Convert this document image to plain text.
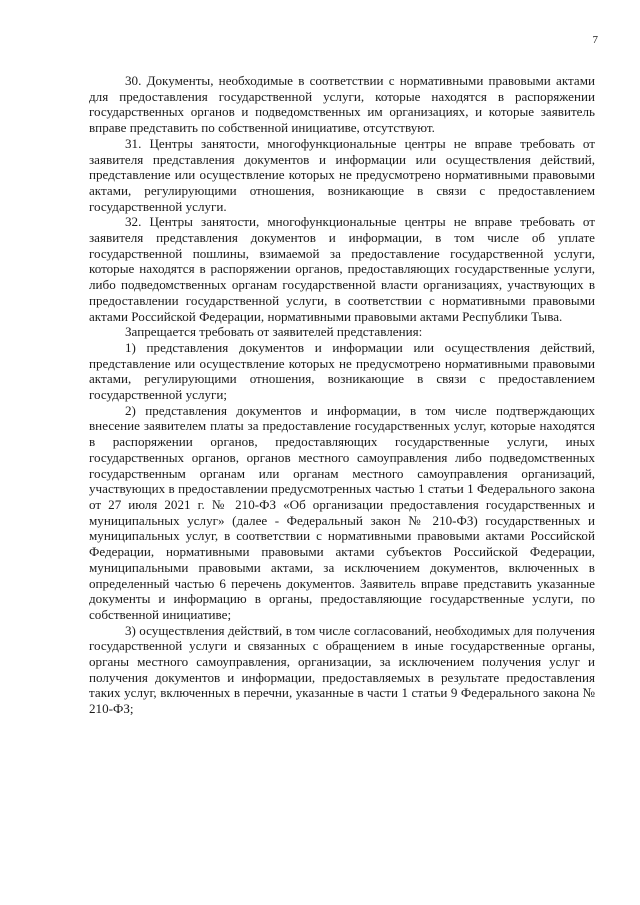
7

30. Документы, необходимые в соответствии с нормативными правовыми актами для предоставления государственной услуги, которые находятся в распоряжении государственных органов и подведомственных им организациях, и которые заявитель вправе представить по собственной инициативе, отсутствуют.

31. Центры занятости, многофункциональные центры не вправе требовать от заявителя представления документов и информации или осуществления действий, представление или осуществление которых не предусмотрено нормативными правовыми актами, регулирующими отношения, возникающие в связи с предоставлением государственной услуги.

32. Центры занятости, многофункциональные центры не вправе требовать от заявителя представления документов и информации, в том числе об уплате государственной пошлины, взимаемой за предоставление государственной услуги, которые находятся в распоряжении органов, предоставляющих государственные услуги, либо подведомственных органам государственной власти организациях, участвующих в предоставлении государственной услуги, в соответствии с нормативными правовыми актами Российской Федерации, нормативными правовыми актами Республики Тыва.

Запрещается требовать от заявителей представления:

1) представления документов и информации или осуществления действий, представление или осуществление которых не предусмотрено нормативными правовыми актами, регулирующими отношения, возникающие в связи с предоставлением государственной услуги;

2) представления документов и информации, в том числе подтверждающих внесение заявителем платы за предоставление государственных услуг, которые находятся в распоряжении органов, предоставляющих государственные услуги, иных государственных органов, органов местного самоуправления либо подведомственных государственным органам или органам местного самоуправления организаций, участвующих в предоставлении предусмотренных частью 1 статьи 1 Федерального закона от 27 июля 2021 г. № 210-ФЗ «Об организации предоставления государственных и муниципальных услуг» (далее - Федеральный закон № 210-ФЗ) государственных и муниципальных услуг, в соответствии с нормативными правовыми актами Российской Федерации, нормативными правовыми актами субъектов Российской Федерации, муниципальными правовыми актами, за исключением документов, включенных в определенный частью 6 перечень документов. Заявитель вправе представить указанные документы и информацию в органы, предоставляющие государственные услуги, по собственной инициативе;

3) осуществления действий, в том числе согласований, необходимых для получения государственной услуги и связанных с обращением в иные государственные органы, органы местного самоуправления, организации, за исключением получения услуг и получения документов и информации, предоставляемых в результате предоставления таких услуг, включенных в перечни, указанные в части 1 статьи 9 Федерального закона № 210-ФЗ;
